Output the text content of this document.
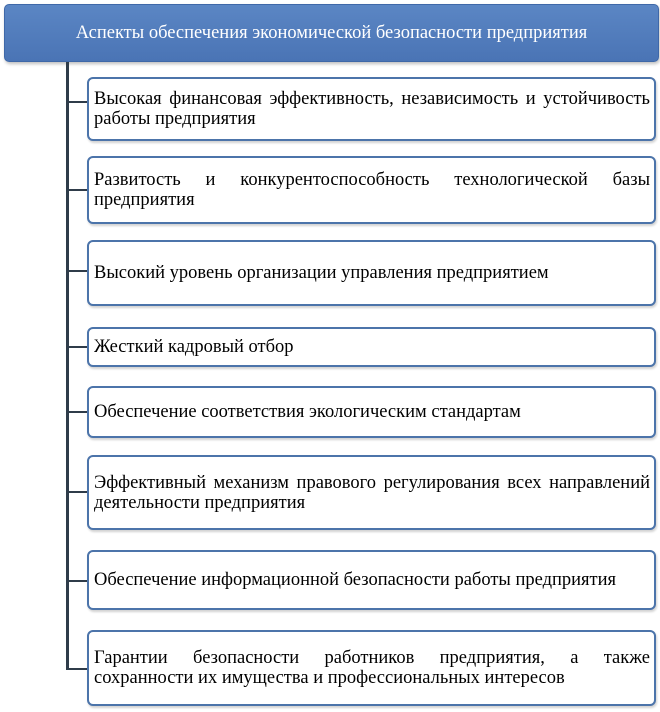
Аспекты обеспечения экономической безопасности предприятия
Высокая финансовая эффективность, независимость и устойчивость работы предприятия
Развитость и конкурентоспособность технологической базы предприятия
Высокий уровень организации управления предприятием
Жесткий кадровый отбор
Обеспечение соответствия экологическим стандартам
Эффективный механизм правового регулирования всех направлений деятельности предприятия
Обеспечение информационной безопасности работы предприятия
Гарантии безопасности работников предприятия, а также сохранности их имущества и профессиональных интересов
